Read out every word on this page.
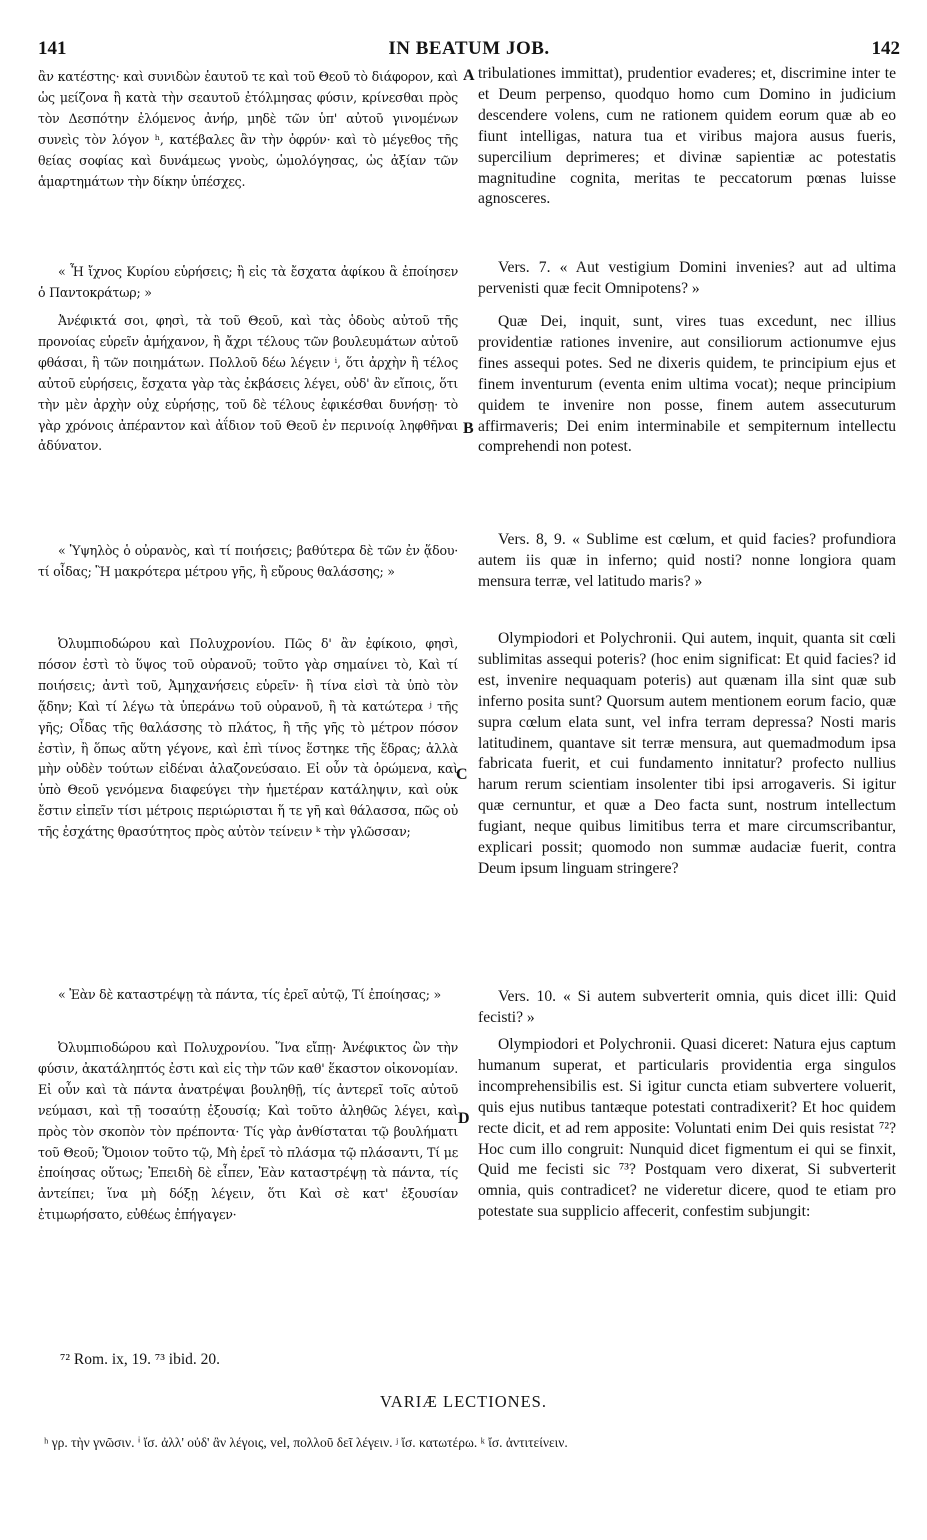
141	IN BEATUM JOB.	142

ἂν κατέστης· καὶ συνιδὼν ἑαυτοῦ τε καὶ τοῦ Θεοῦ τὸ διάφορον, καὶ ὡς μείζονα ἢ κατὰ τὴν σεαυτοῦ ἐτόλμησας φύσιν, κρίνεσθαι πρὸς τὸν Δεσπότην ἐλόμενος ἀνήρ, μηδὲ τῶν ὑπ' αὐτοῦ γινομένων συνεὶς τὸν λόγον ʰ, κατέβαλες ἂν τὴν ὀφρύν· καὶ τὸ μέγεθος τῆς θείας σοφίας καὶ δυνάμεως γνοὺς, ὡμολόγησας, ὡς ἀξίαν τῶν ἁμαρτημάτων τὴν δίκην ὑπέσχες.

« Ἦ ἴχνος Κυρίου εὑρήσεις; ἢ εἰς τὰ ἔσχατα ἀφίκου ἃ ἐποίησεν ὁ Παντοκράτωρ; »

Ἀνέφικτά σοι, φησὶ, τὰ τοῦ Θεοῦ, καὶ τὰς ὁδοὺς αὐτοῦ τῆς προνοίας εὑρεῖν ἀμήχανον, ἢ ἄχρι τέλους τῶν βουλευμάτων αὐτοῦ φθάσαι, ἢ τῶν ποιημάτων. Πολλοῦ δέω λέγειν ⁱ, ὅτι ἀρχὴν ἢ τέλος αὐτοῦ εὑρήσεις, ἔσχατα γὰρ τὰς ἐκβάσεις λέγει, οὐδ' ἂν εἴποις, ὅτι τὴν μὲν ἀρχὴν οὐχ εὑρήσῃς, τοῦ δὲ τέλους ἐφικέσθαι δυνήσῃ· τὸ γὰρ χρόνοις ἀπέραντον καὶ ἀΐδιον τοῦ Θεοῦ ἐν περινοίᾳ ληφθῆναι ἀδύνατον.

« Ὑψηλὸς ὁ οὐρανὸς, καὶ τί ποιήσεις; βαθύτερα δὲ τῶν ἐν ᾅδου· τί οἶδας; Ἢ μακρότερα μέτρου γῆς, ἢ εὔρους θαλάσσης; »

Ὀλυμπιοδώρου καὶ Πολυχρονίου. Πῶς δ' ἂν ἐφίκοιο, φησὶ, πόσον ἐστὶ τὸ ὕψος τοῦ οὐρανοῦ; τοῦτο γὰρ σημαίνει τὸ, Καὶ τί ποιήσεις; ἀντὶ τοῦ, Ἀμηχανήσεις εὑρεῖν· ἢ τίνα εἰσὶ τὰ ὑπὸ τὸν ᾅδην; Καὶ τί λέγω τὰ ὑπεράνω τοῦ οὐρανοῦ, ἢ τὰ κατώτερα ʲ τῆς γῆς; Οἶδας τῆς θαλάσσης τὸ πλάτος, ἢ τῆς γῆς τὸ μέτρον πόσον ἐστὶν, ἢ ὅπως αὕτη γέγονε, καὶ ἐπὶ τίνος ἕστηκε τῆς ἕδρας; ἀλλὰ μὴν οὐδὲν τούτων εἰδέναι ἀλαζονεύσαιο. Εἰ οὖν τὰ ὁρώμενα, καὶ ὑπὸ Θεοῦ γενόμενα διαφεύγει τὴν ἡμετέραν κατάληψιν, καὶ οὐκ ἔστιν εἰπεῖν τίσι μέτροις περιώρισται ἥ τε γῆ καὶ θάλασσα, πῶς οὐ τῆς ἐσχάτης θρασύτητος πρὸς αὐτὸν τείνειν ᵏ τὴν γλῶσσαν;

« Ἐὰν δὲ καταστρέψῃ τὰ πάντα, τίς ἐρεῖ αὐτῷ, Τί ἐποίησας; »

Ὀλυμπιοδώρου καὶ Πολυχρονίου. Ἵνα εἴπῃ· Ἀνέφικτος ὢν τὴν φύσιν, ἀκατάληπτός ἐστι καὶ εἰς τὴν τῶν καθ' ἕκαστον οἰκονομίαν. Εἰ οὖν καὶ τὰ πάντα ἀνατρέψαι βουληθῇ, τίς ἀντερεῖ τοῖς αὐτοῦ νεύμασι, καὶ τῇ τοσαύτῃ ἐξουσίᾳ; Καὶ τοῦτο ἀληθῶς λέγει, καὶ πρὸς τὸν σκοπὸν τὸν πρέποντα· Τίς γὰρ ἀνθίσταται τῷ βουλήματι τοῦ Θεοῦ; Ὅμοιον τοῦτο τῷ, Μὴ ἐρεῖ τὸ πλάσμα τῷ πλάσαντι, Τί με ἐποίησας οὕτως; Ἐπειδὴ δὲ εἶπεν, Ἐὰν καταστρέψῃ τὰ πάντα, τίς ἀντείπει; ἵνα μὴ δόξῃ λέγειν, ὅτι Καὶ σὲ κατ' ἐξουσίαν ἐτιμωρήσατο, εὐθέως ἐπήγαγεν·

A
B
C
D

tribulationes immittat), prudentior evaderes; et, discrimine inter te et Deum perpenso, quodquo homo cum Domino in judicium descendere volens, cum ne rationem quidem eorum quæ ab eo fiunt intelligas, natura tua et viribus majora ausus fueris, supercilium deprimeres; et divinæ sapientiæ ac potestatis magnitudine cognita, meritas te peccatorum pœnas luisse agnosceres.

Vers. 7. « Aut vestigium Domini invenies? aut ad ultima pervenisti quæ fecit Omnipotens? »

Quæ Dei, inquit, sunt, vires tuas excedunt, nec illius providentiæ rationes invenire, aut consiliorum actionumve ejus fines assequi potes. Sed ne dixeris quidem, te principium ejus et finem inventurum (eventa enim ultima vocat); neque principium quidem te invenire non posse, finem autem assecuturum affirmaveris; Dei enim interminabile et sempiternum intellectu comprehendi non potest.

Vers. 8, 9. « Sublime est cœlum, et quid facies? profundiora autem iis quæ in inferno; quid nosti? nonne longiora quam mensura terræ, vel latitudo maris? »

Olympiodori et Polychronii. Qui autem, inquit, quanta sit cœli sublimitas assequi poteris? (hoc enim significat: Et quid facies? id est, invenire nequaquam poteris) aut quænam illa sint quæ sub inferno posita sunt? Quorsum autem mentionem eorum facio, quæ supra cœlum elata sunt, vel infra terram depressa? Nosti maris latitudinem, quantave sit terræ mensura, aut quemadmodum ipsa fabricata fuerit, et cui fundamento innitatur? profecto nullius harum rerum scientiam insolenter tibi ipsi arrogaveris. Si igitur quæ cernuntur, et quæ a Deo facta sunt, nostrum intellectum fugiant, neque quibus limitibus terra et mare circumscribantur, explicari possit; quomodo non summæ audaciæ fuerit, contra Deum ipsum linguam stringere?

Vers. 10. « Si autem subverterit omnia, quis dicet illi: Quid fecisti? »

Olympiodori et Polychronii. Quasi diceret: Natura ejus captum humanum superat, et particularis providentia erga singulos incomprehensibilis est. Si igitur cuncta etiam subvertere voluerit, quis ejus nutibus tantæque potestati contradixerit? Et hoc quidem recte dicit, et ad rem apposite: Voluntati enim Dei quis resistat ⁷²? Hoc cum illo congruit: Nunquid dicet figmentum ei qui se finxit, Quid me fecisti sic ⁷³? Postquam vero dixerat, Si subverterit omnia, quis contradicet? ne videretur dicere, quod te etiam pro potestate sua supplicio affecerit, confestim subjungit:

⁷² Rom. ix, 19. ⁷³ ibid. 20.
VARIÆ LECTIONES.
ʰ γρ. τὴν γνῶσιν. ⁱ ἴσ. ἀλλ' οὐδ' ἂν λέγοις, vel, πολλοῦ δεῖ λέγειν. ʲ ἴσ. κατωτέρω. ᵏ ἴσ. ἀντιτείνειν.
